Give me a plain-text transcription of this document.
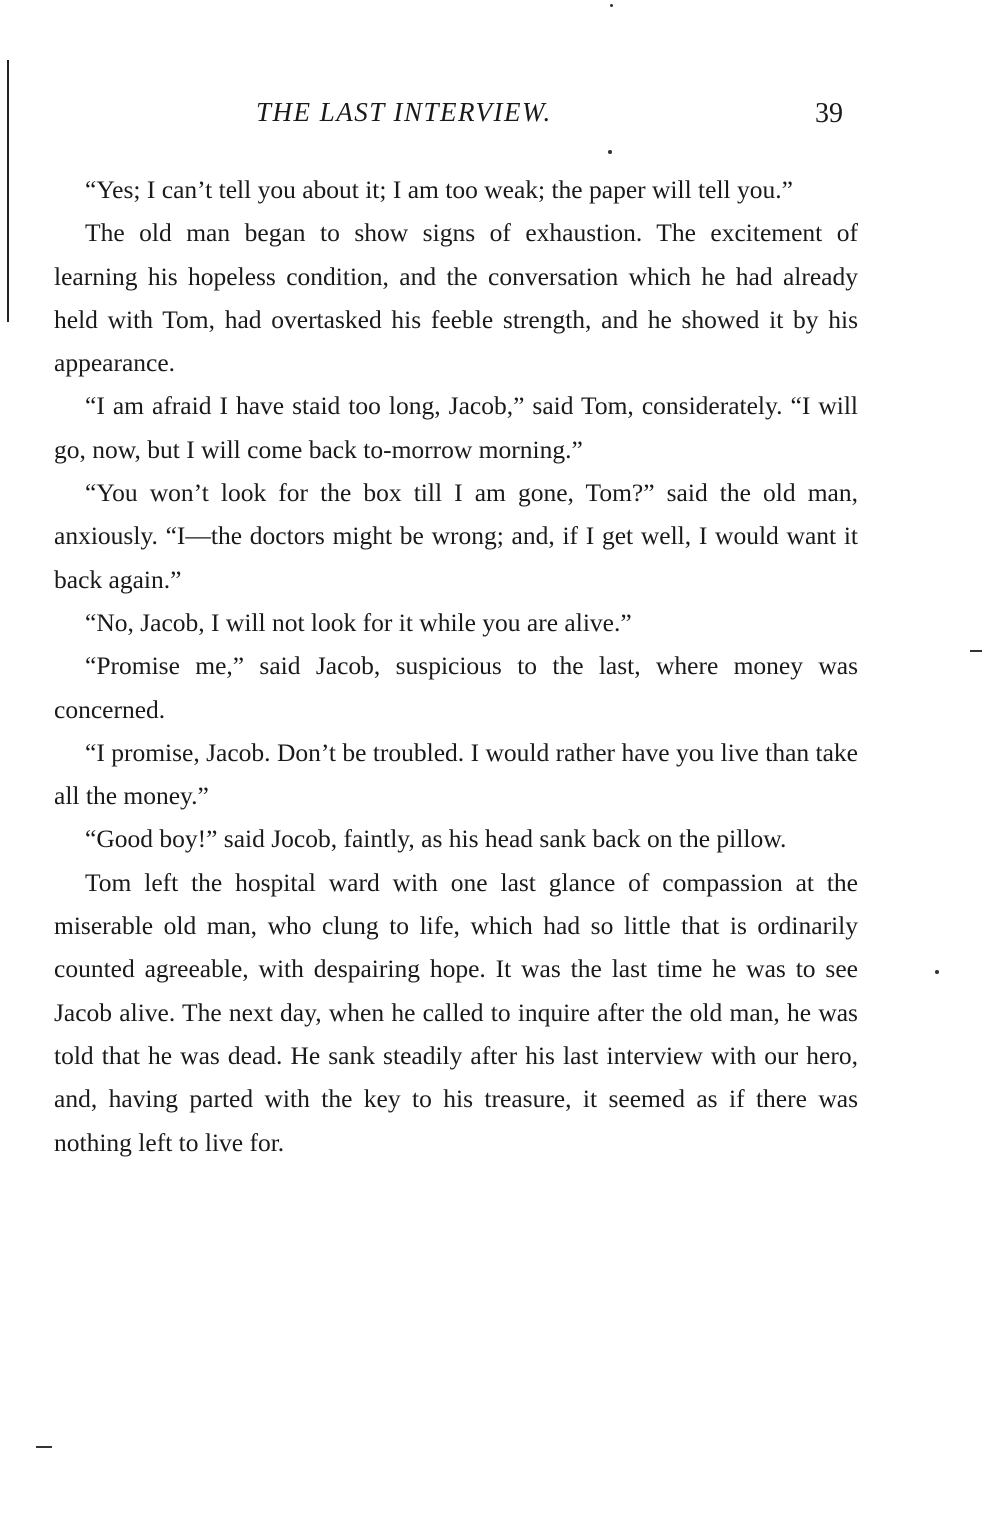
THE LAST INTERVIEW.	39

“Yes; I can’t tell you about it; I am too weak; the paper will tell you.”

The old man began to show signs of exhaustion. The excitement of learning his hopeless condition, and the conversation which he had already held with Tom, had overtasked his feeble strength, and he showed it by his appearance.

“I am afraid I have staid too long, Jacob,” said Tom, considerately. “I will go, now, but I will come back to-morrow morning.”

“You won’t look for the box till I am gone, Tom?” said the old man, anxiously. “I—the doctors might be wrong; and, if I get well, I would want it back again.”

“No, Jacob, I will not look for it while you are alive.”

“Promise me,” said Jacob, suspicious to the last, where money was concerned.

“I promise, Jacob. Don’t be troubled. I would rather have you live than take all the money.”

“Good boy!” said Jocob, faintly, as his head sank back on the pillow.

Tom left the hospital ward with one last glance of compassion at the miserable old man, who clung to life, which had so little that is ordinarily counted agreeable, with despairing hope. It was the last time he was to see Jacob alive. The next day, when he called to inquire after the old man, he was told that he was dead. He sank steadily after his last interview with our hero, and, having parted with the key to his treasure, it seemed as if there was nothing left to live for.
